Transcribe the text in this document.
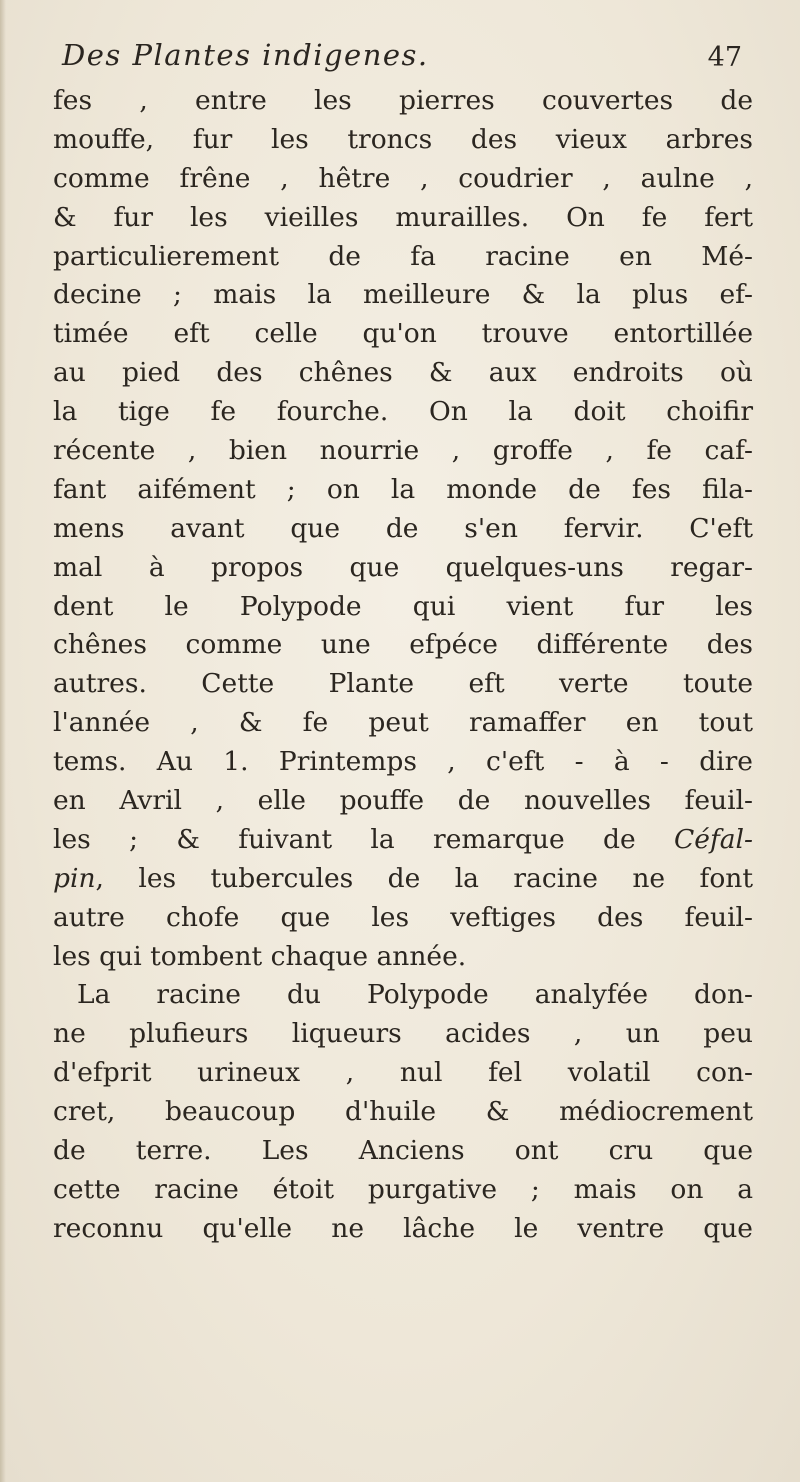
Des Plantes indigenes.	47
fes , entre les pierres couvertes de
mouffe, fur les troncs des vieux arbres
comme frêne , hêtre , coudrier , aulne ,
& fur les vieilles murailles. On fe fert
particulierement de fa racine en Mé-
decine ; mais la meilleure & la plus ef-
timée eft celle qu'on trouve entortillée
au pied des chênes & aux endroits où
la tige fe fourche. On la doit choifir
récente , bien nourrie , groffe , fe caf-
fant aifément ; on la monde de fes fila-
mens avant que de s'en fervir. C'eft
mal à propos que quelques-uns regar-
dent le Polypode qui vient fur les
chênes comme une efpéce différente des
autres. Cette Plante eft verte toute
l'année , & fe peut ramaffer en tout
tems. Au 1. Printemps , c'eft - à - dire
en Avril , elle pouffe de nouvelles feuil-
les ; & fuivant la remarque de Céfal-
pin, les tubercules de la racine ne font
autre chofe que les veftiges des feuil-
les qui tombent chaque année.
La racine du Polypode analyfée don-
ne plufieurs liqueurs acides , un peu
d'efprit urineux , nul fel volatil con-
cret, beaucoup d'huile & médiocrement
de terre. Les Anciens ont cru que
cette racine étoit purgative ; mais on a
reconnu qu'elle ne lâche le ventre que
